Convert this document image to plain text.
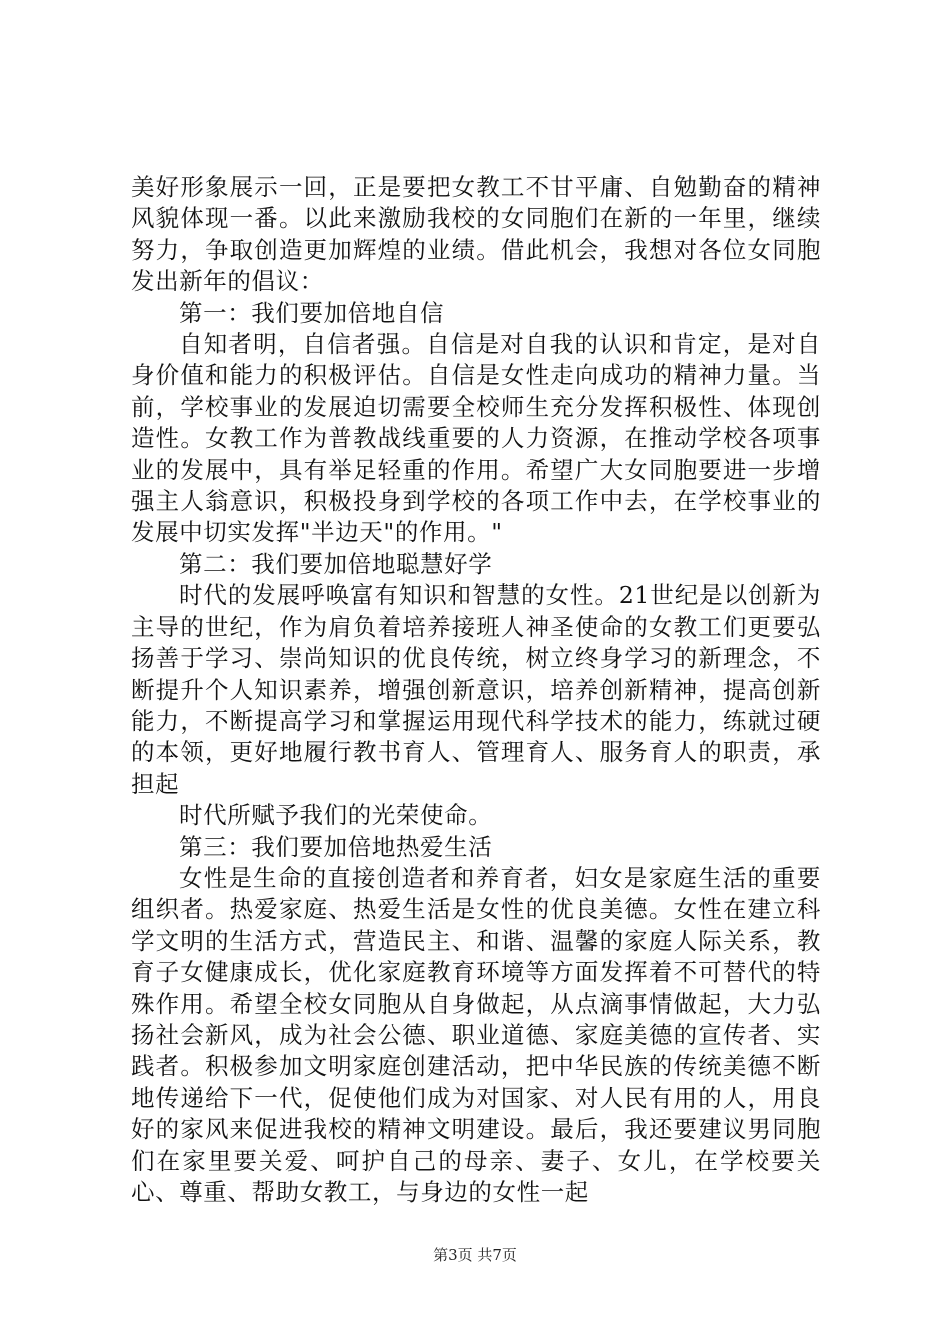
美好形象展示一回，正是要把女教工不甘平庸、自勉勤奋的精神风貌体现一番。以此来激励我校的女同胞们在新的一年里，继续努力，争取创造更加辉煌的业绩。借此机会，我想对各位女同胞发出新年的倡议：

第一：我们要加倍地自信

自知者明，自信者强。自信是对自我的认识和肯定，是对自身价值和能力的积极评估。自信是女性走向成功的精神力量。当前，学校事业的发展迫切需要全校师生充分发挥积极性、体现创造性。女教工作为普教战线重要的人力资源，在推动学校各项事业的发展中，具有举足轻重的作用。希望广大女同胞要进一步增强主人翁意识，积极投身到学校的各项工作中去，在学校事业的发展中切实发挥"半边天"的作用。"

第二：我们要加倍地聪慧好学

时代的发展呼唤富有知识和智慧的女性。21世纪是以创新为主导的世纪，作为肩负着培养接班人神圣使命的女教工们更要弘扬善于学习、崇尚知识的优良传统，树立终身学习的新理念，不断提升个人知识素养，增强创新意识，培养创新精神，提高创新能力，不断提高学习和掌握运用现代科学技术的能力，练就过硬的本领，更好地履行教书育人、管理育人、服务育人的职责，承担起

时代所赋予我们的光荣使命。

第三：我们要加倍地热爱生活

女性是生命的直接创造者和养育者，妇女是家庭生活的重要组织者。热爱家庭、热爱生活是女性的优良美德。女性在建立科学文明的生活方式，营造民主、和谐、温馨的家庭人际关系，教育子女健康成长，优化家庭教育环境等方面发挥着不可替代的特殊作用。希望全校女同胞从自身做起，从点滴事情做起，大力弘扬社会新风，成为社会公德、职业道德、家庭美德的宣传者、实践者。积极参加文明家庭创建活动，把中华民族的传统美德不断地传递给下一代，促使他们成为对国家、对人民有用的人，用良好的家风来促进我校的精神文明建设。最后，我还要建议男同胞们在家里要关爱、呵护自己的母亲、妻子、女儿，在学校要关心、尊重、帮助女教工，与身边的女性一起

第3页 共7页
